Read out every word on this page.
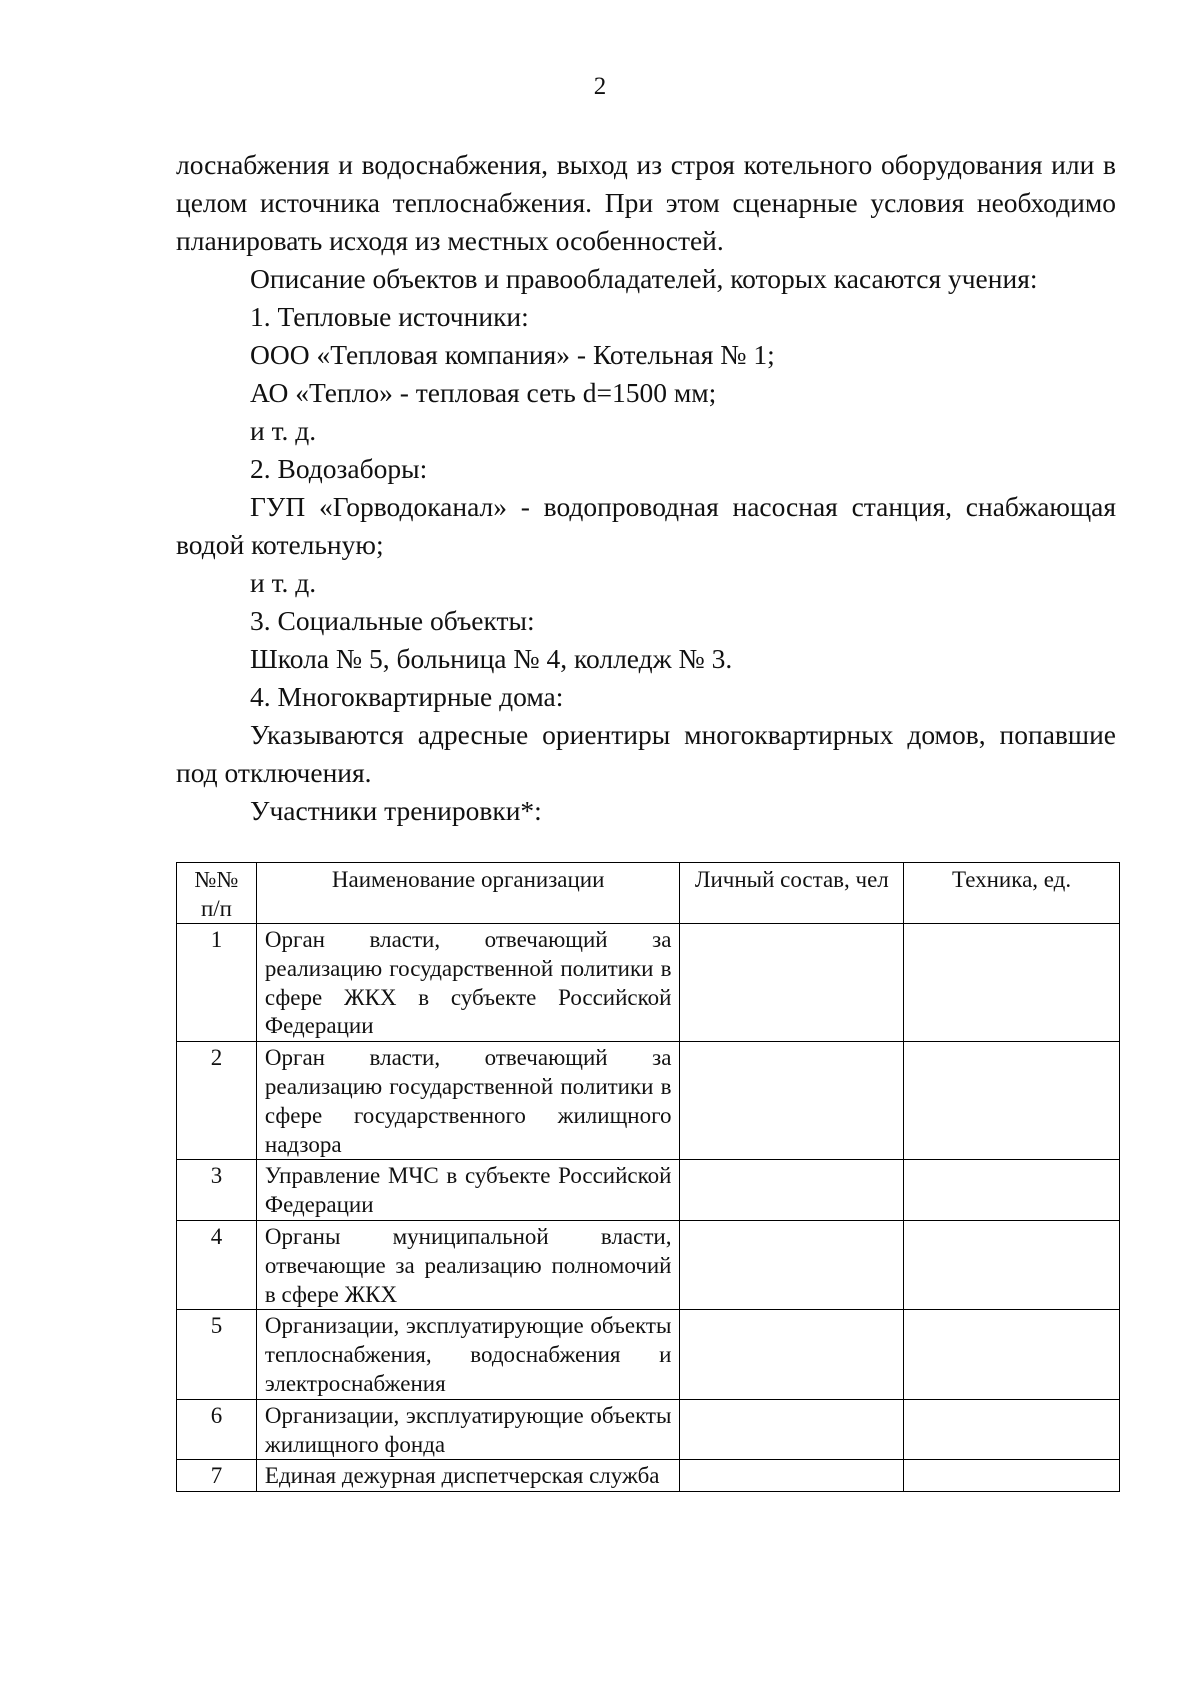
2

лоснабжения и водоснабжения, выход из строя котельного оборудования или в целом источника теплоснабжения. При этом сценарные условия необходимо планировать исходя из местных особенностей.

Описание объектов и правообладателей, которых касаются учения:

1. Тепловые источники:

ООО «Тепловая компания» - Котельная № 1;

АО «Тепло» - тепловая сеть d=1500 мм;

и т. д.

2. Водозаборы:

ГУП «Горводоканал» - водопроводная насосная станция, снабжающая водой котельную;

и т. д.

3. Социальные объекты:

Школа № 5, больница № 4, колледж № 3.

4. Многоквартирные дома:

Указываются адресные ориентиры многоквартирных домов, попавшие под отключения.

Участники тренировки*:

№№ п/п	Наименование организации	Личный состав, чел	Техника, ед.
1	Орган власти, отвечающий за реализацию государственной политики в сфере ЖКХ в субъекте Российской Федерации		
2	Орган власти, отвечающий за реализацию государственной политики в сфере государственного жилищного надзора		
3	Управление МЧС в субъекте Российской Федерации		
4	Органы муниципальной власти, отвечающие за реализацию полномочий в сфере ЖКХ		
5	Организации, эксплуатирующие объекты теплоснабжения, водоснабжения и электроснабжения		
6	Организации, эксплуатирующие объекты жилищного фонда		
7	Единая дежурная диспетчерская служба		
